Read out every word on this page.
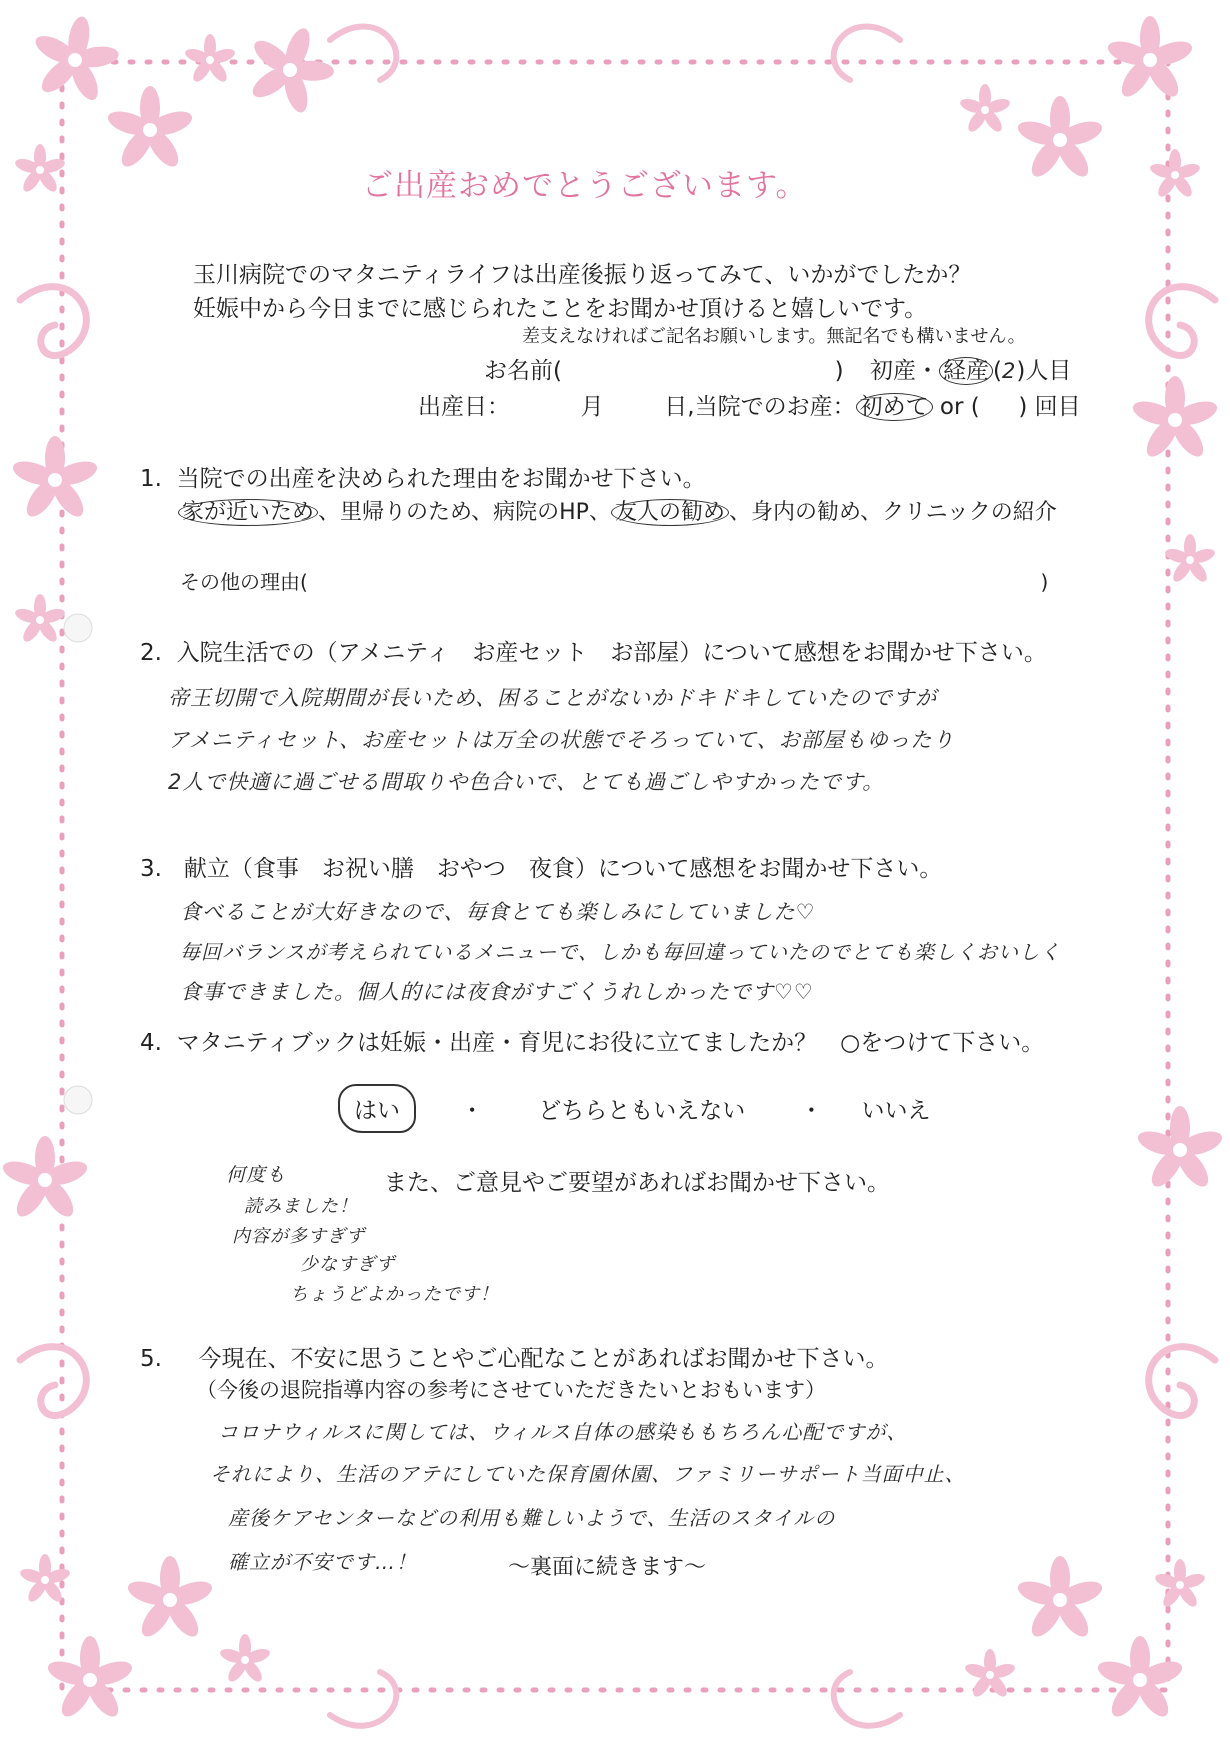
ご出産おめでとうございます。
玉川病院でのマタニティライフは出産後振り返ってみて、いかがでしたか？
妊娠中から今日までに感じられたことをお聞かせ頂けると嬉しいです。
差支えなければご記名お願いします。無記名でも構いません。
お名前(	) 初産・ 経産 (2)人目
出産日：	月	日,当院でのお産： 初めて or ( ) 回目
1. 当院での出産を決められた理由をお聞かせ下さい。
家が近いため 、里帰りのため、病院のHP、 友人の勧め 、身内の勧め、クリニックの紹介
その他の理由(	)
2. 入院生活での（アメニティ　お産セット　お部屋）について感想をお聞かせ下さい。
帝王切開で入院期間が長いため、困ることがないかドキドキしていたのですが
アメニティセット、お産セットは万全の状態でそろっていて、お部屋もゆったり
2人で快適に過ごせる間取りや色合いで、とても過ごしやすかったです。
3. 献立（食事　お祝い膳　おやつ　夜食）について感想をお聞かせ下さい。
食べることが大好きなので、毎食とても楽しみにしていました♡
毎回バランスが考えられているメニューで、しかも毎回違っていたのでとても楽しくおいしく
食事できました。個人的には夜食がすごくうれしかったです♡♡
4. マタニティブックは妊娠・出産・育児にお役に立てましたか？　○をつけて下さい。
はい	・ どちらともいえない ・ いいえ
また、ご意見やご要望があればお聞かせ下さい。
何度も
読みました！
内容が多すぎず
少なすぎず
ちょうどよかったです！
5. 今現在、不安に思うことやご心配なことがあればお聞かせ下さい。
（今後の退院指導内容の参考にさせていただきたいとおもいます）
コロナウィルスに関しては、ウィルス自体の感染ももちろん心配ですが、
それにより、生活のアテにしていた保育園休園、ファミリーサポート当面中止、
産後ケアセンターなどの利用も難しいようで、生活のスタイルの
確立が不安です…！	〜裏面に続きます〜
